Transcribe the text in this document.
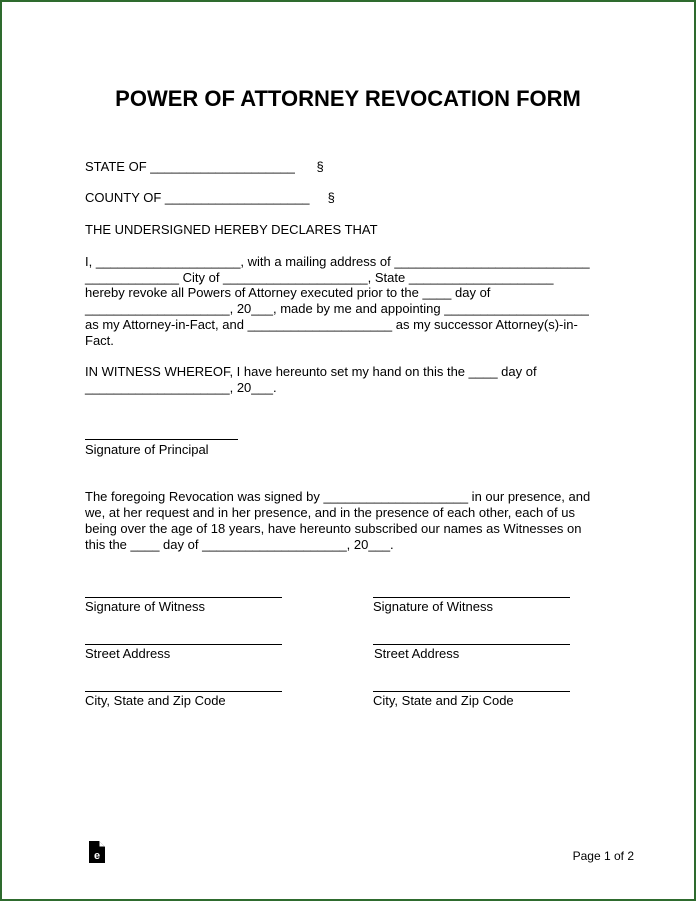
POWER OF ATTORNEY REVOCATION FORM
STATE OF ____________________      §
COUNTY OF ____________________     §
THE UNDERSIGNED HEREBY DECLARES THAT
I, ____________________, with a mailing address of ___________________________
_____________ City of ____________________, State ____________________
hereby revoke all Powers of Attorney executed prior to the ____ day of
____________________, 20___, made by me and appointing ____________________
as my Attorney-in-Fact, and ____________________ as my successor Attorney(s)-in-
Fact.
IN WITNESS WHEREOF, I have hereunto set my hand on this the ____ day of
____________________, 20___.
Signature of Principal
The foregoing Revocation was signed by ____________________ in our presence, and
we, at her request and in her presence, and in the presence of each other, each of us
being over the age of 18 years, have hereunto subscribed our names as Witnesses on
this the ____ day of ____________________, 20___.
Signature of Witness
Street Address
City, State and Zip Code
Signature of Witness
Street Address
City, State and Zip Code
e	Page 1 of 2
